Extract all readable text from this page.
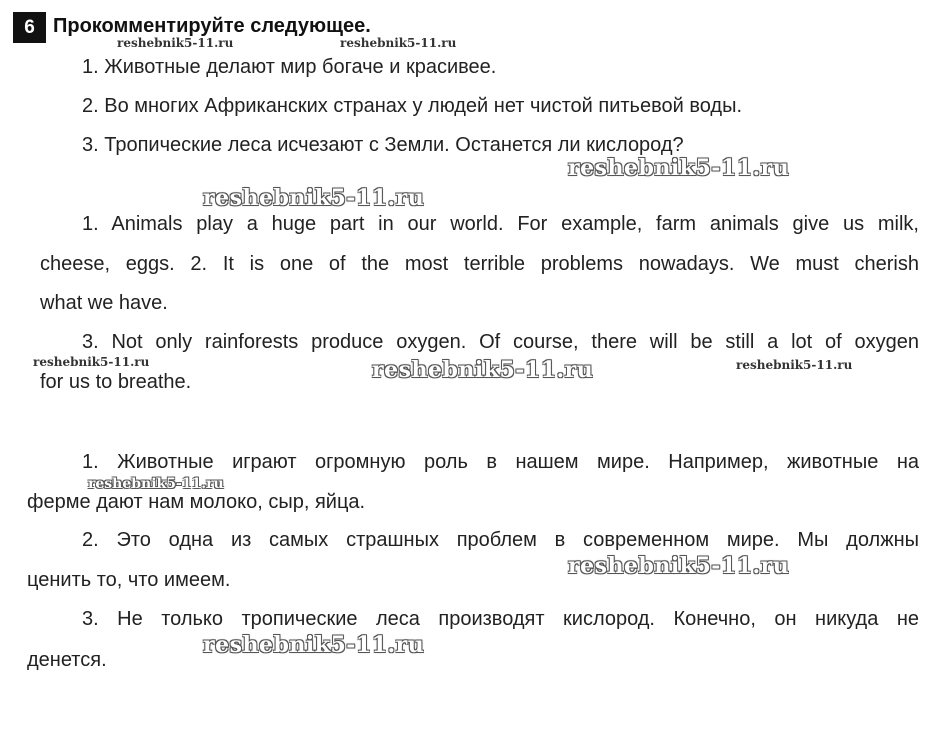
6 Прокомментируйте следующее.
1. Животные делают мир богаче и красивее.
2. Во многих Африканских странах у людей нет чистой питьевой воды.
3. Тропические леса исчезают с Земли. Останется ли кислород?
1. Animals play a huge part in our world. For example, farm animals give us milk,
cheese, eggs. 2. It is one of the most terrible problems nowadays. We must cherish
what we have.
3. Not only rainforests produce oxygen. Of course, there will be still a lot of oxygen
for us to breathe.
1. Животные играют огромную роль в нашем мире. Например, животные на
ферме дают нам молоко, сыр, яйца.
2. Это одна из самых страшных проблем в современном мире. Мы должны
ценить то, что имеем.
3. Не только тропические леса производят кислород. Конечно, он никуда не
денется.
reshebnik5-11.ru	reshebnik5-11.ru
reshebnik5-11.ru
reshebnik5-11.ru
reshebnik5-11.ru	reshebnik5-11.ru	reshebnik5-11.ru
reshebnik5-11.ru
reshebnik5-11.ru
reshebnik5-11.ru
